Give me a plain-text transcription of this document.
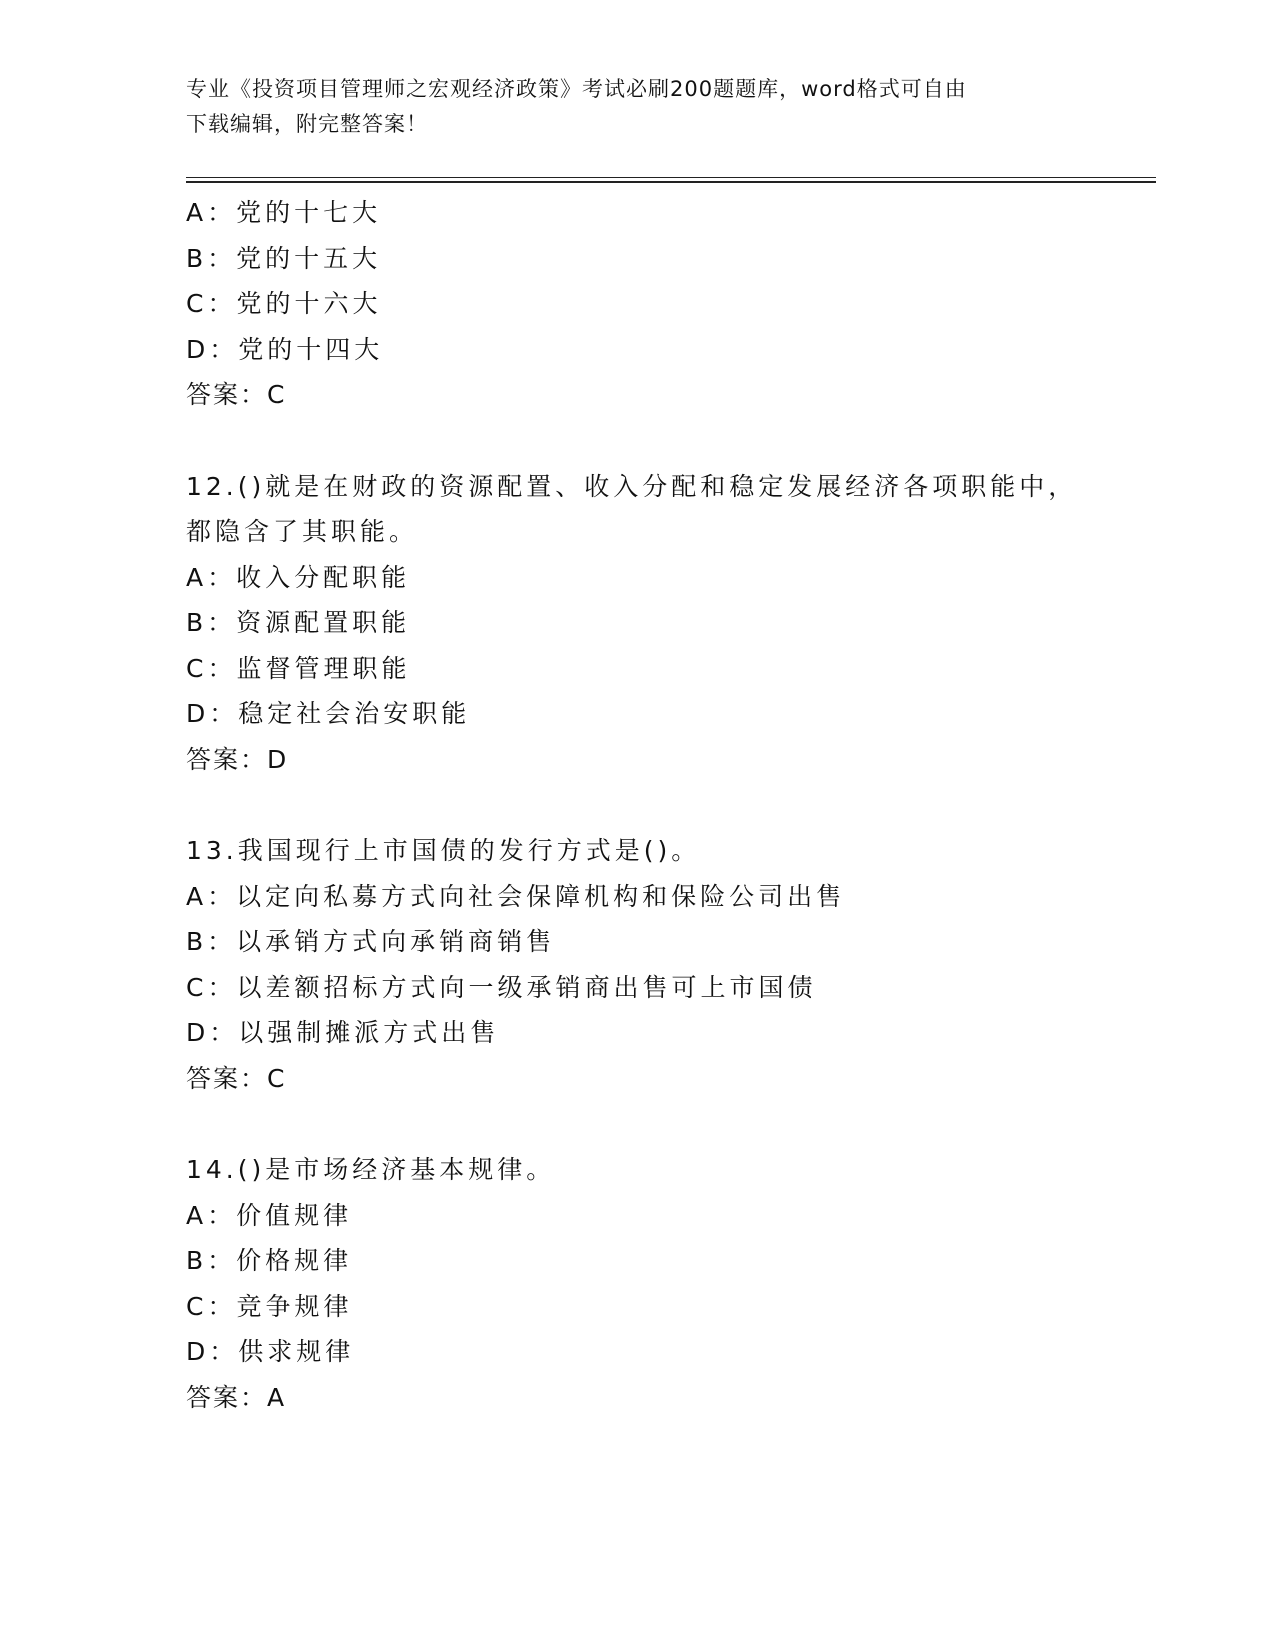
专业《投资项目管理师之宏观经济政策》考试必刷200题题库，word格式可自由
下载编辑，附完整答案！
A：党的十七大
B：党的十五大
C：党的十六大
D：党的十四大
答案：C
12.()就是在财政的资源配置、收入分配和稳定发展经济各项职能中，
都隐含了其职能。
A：收入分配职能
B：资源配置职能
C：监督管理职能
D：稳定社会治安职能
答案：D
13.我国现行上市国债的发行方式是()。
A：以定向私募方式向社会保障机构和保险公司出售
B：以承销方式向承销商销售
C：以差额招标方式向一级承销商出售可上市国债
D：以强制摊派方式出售
答案：C
14.()是市场经济基本规律。
A：价值规律
B：价格规律
C：竞争规律
D：供求规律
答案：A
